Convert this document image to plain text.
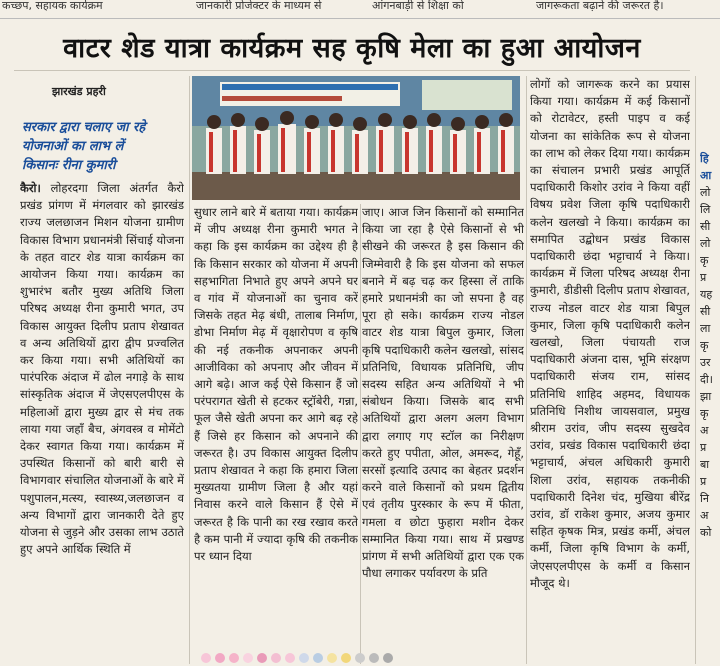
कच्छप, सहायक कार्यक्रम	जानकारी प्रोजेक्टर के माध्यम से	आंगनबाड़ी से शिक्षा को	जागरूकता बढ़ाने की जरूरत है।
वाटर शेड यात्रा कार्यक्रम सह कृषि मेला का हुआ आयोजन
झारखंड प्रहरी
सरकार द्वारा चलाए जा रहे
योजनाओं का लाभ लें
किसानः रीना कुमारी

कैरो। लोहरदगा जिला अंतर्गत कैरो प्रखंड प्रांगण में मंगलवार को झारखंड राज्य जलछाजन मिशन योजना ग्रामीण विकास विभाग प्रधानमंत्री सिंचाई योजना के तहत वाटर शेड यात्रा कार्यक्रम का आयोजन किया गया। कार्यक्रम का शुभारंभ बतौर मुख्य अतिथि जिला परिषद अध्यक्ष रीना कुमारी भगत, उप विकास आयुक्त दिलीप प्रताप शेखावत व अन्य अतिथियों द्वारा द्वीप प्रज्वलित कर किया गया। सभी अतिथियों का पारंपरिक अंदाज में ढोल नगाड़े के साथ सांस्कृतिक अंदाज में जेएसएलपीएस के महिलाओं द्वारा मुख्य द्वार से मंच तक लाया गया जहाँ बैच, अंगवस्त्र व मोमेंटो देकर स्वागत किया गया। कार्यक्रम में उपस्थित किसानों को बारी बारी से विभागवार संचालित योजनाओं के बारे में पशुपालन,मत्स्य, स्वास्थ्य,जलछाजन व अन्य विभागों द्वारा जानकारी देते हुए योजना से जुड़ने और उसका लाभ उठाते हुए अपने आर्थिक स्थिति में

सुधार लाने बारे में बताया गया। कार्यक्रम में जीप अध्यक्ष रीना कुमारी भगत ने कहा कि इस कार्यक्रम का उद्देश्य ही है कि किसान सरकार को योजना में अपनी सहभागिता निभाते हुए अपने अपने घर व गांव में योजनाओं का चुनाव करें जिसके तहत मेढ़ बंधी, तालाब निर्माण, डोभा निर्माण मेढ़ में वृक्षारोपण व कृषि की नई तकनीक अपनाकर अपनी आजीविका को अपनाए और जीवन में आगे बढ़े। आज कई ऐसे किसान हैं जो परंपरागत खेती से हटकर स्ट्रॉबेरी, गन्ना, फूल जैसे खेती अपना कर आगे बढ़ रहे हैं जिसे हर किसान को अपनाने की जरूरत है। उप विकास आयुक्त दिलीप प्रताप शेखावत ने कहा कि हमारा जिला मुख्यतया ग्रामीण जिला है और यहां निवास करने वाले किसान हैं ऐसे में जरूरत है कि पानी का रख रखाव करते है कम पानी में ज्यादा कृषि की तकनीक पर ध्यान दिया

जाए। आज जिन किसानों को सम्मानित किया जा रहा है ऐसे किसानों से भी सीखने की जरूरत है इस किसान की जिम्मेवारी है कि इस योजना को सफल बनाने में बढ़ चढ़ कर हिस्सा लें ताकि हमारे प्रधानमंत्री का जो सपना है वह पूरा हो सके। कार्यक्रम राज्य नोडल वाटर शेड यात्रा बिपुल कुमार, जिला कृषि पदाधिकारी कलेन खलखो, सांसद प्रतिनिधि, विधायक प्रतिनिधि, जीप सदस्य सहित अन्य अतिथियों ने भी संबोधन किया। जिसके बाद सभी अतिथियों द्वारा अलग अलग विभाग द्वारा लगाए गए स्टॉल का निरीक्षण करते हुए पपीता, ओल, अमरूद, गेहूँ, सरसों इत्यादि उत्पाद का बेहतर प्रदर्शन करने वाले किसानों को प्रथम द्वितीय एवं तृतीय पुरस्कार के रूप में फीता, गमला व छोटा फुहारा मशीन देकर सम्मानित किया गया। साथ में प्रखण्ड प्रांगण में सभी अतिथियों द्वारा एक एक पौधा लगाकर पर्यावरण के प्रति

लोगों को जागरूक करने का प्रयास किया गया। कार्यक्रम में कई किसानों को रोटावेटर, हस्ती पाइप व कई योजना का सांकेतिक रूप से योजना का लाभ को लेकर दिया गया। कार्यक्रम का संचालन प्रभारी प्रखंड आपूर्ति पदाधिकारी किशोर उरांव ने किया वहीं विषय प्रवेश जिला कृषि पदाधिकारी कलेन खलखो ने किया। कार्यक्रम का समापित उद्बोधन प्रखंड विकास पदाधिकारी छंदा भट्टाचार्य ने किया। कार्यक्रम में जिला परिषद अध्यक्ष रीना कुमारी, डीडीसी दिलीप प्रताप शेखावत, राज्य नोडल वाटर शेड यात्रा बिपुल कुमार, जिला कृषि पदाधिकारी कलेन खलखो, जिला पंचायती राज पदाधिकारी अंजना दास, भूमि संरक्षण पदाधिकारी संजय राम, सांसद प्रतिनिधि शाहिद अहमद, विधायक प्रतिनिधि निशीथ जायसवाल, प्रमुख श्रीराम उरांव, जीप सदस्य सुखदेव उरांव, प्रखंड विकास पदाधिकारी छंदा भट्टाचार्य, अंचल अधिकारी कुमारी शिला उरांव, सहायक तकनीकी पदाधिकारी दिनेश चंद, मुखिया बीरेंद्र उरांव, डॉ राकेश कुमार, अजय कुमार सहित कृषक मित्र, प्रखंड कर्मी, अंचल कर्मी, जिला कृषि विभाग के कर्मी, जेएसएलपीएस के कर्मी व किसान मौजूद थे।

हि
आ
लो
लि
सी
लो
कृ
प्र
यह
सी
ला
कृ
उर
दी।
झा
कृ
अ
प्र
बा
प्र
नि
अ
को
